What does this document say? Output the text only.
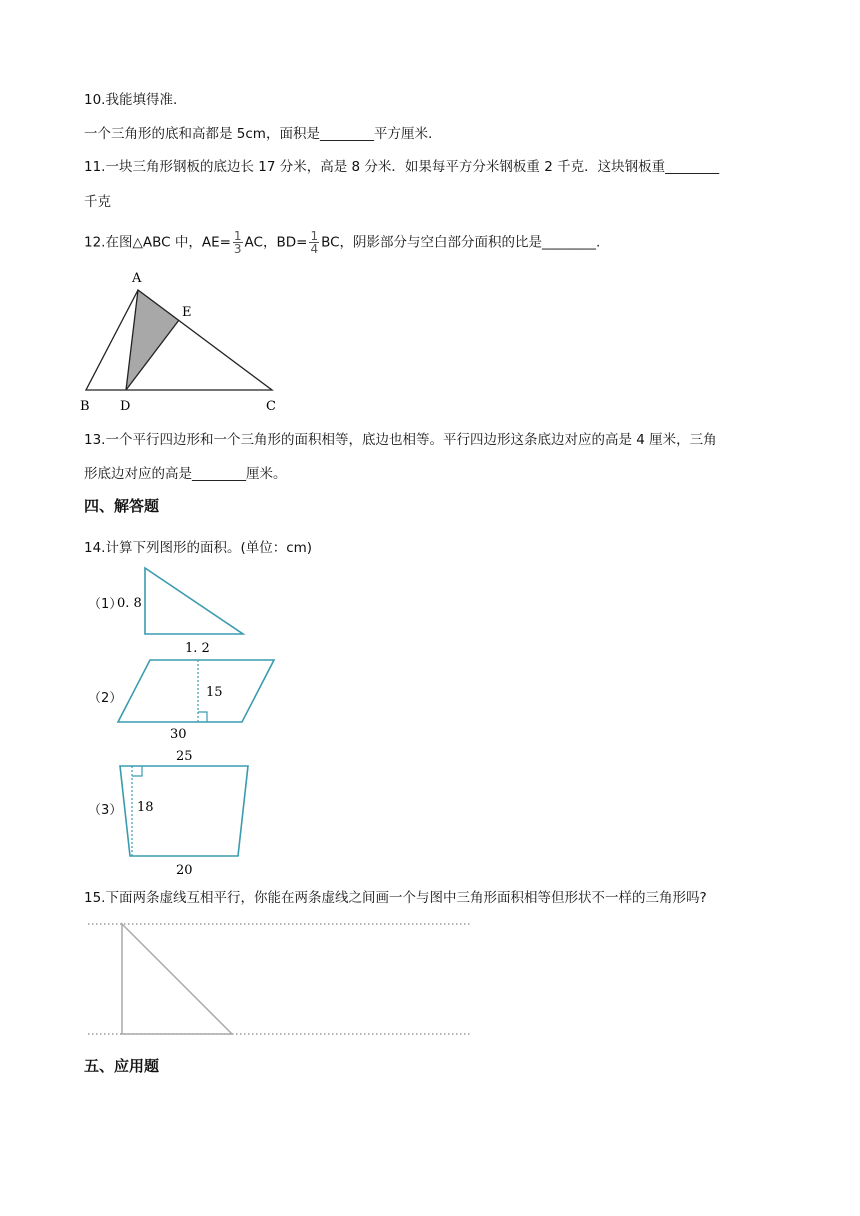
10.我能填得准.
一个三角形的底和高都是 5cm，面积是________平方厘米.
11.一块三角形钢板的底边长 17 分米，高是 8 分米．如果每平方分米钢板重 2 千克．这块钢板重________
千克
12.在图△ABC 中，$AE= \frac{1}{3}$ AC，$BD= \frac{1}{4}$ BC，阴影部分与空白部分面积的比是________.
A
E
B D	C
13.一个平行四边形和一个三角形的面积相等，底边也相等。平行四边形这条底边对应的高是 4 厘米，三角
形底边对应的高是________厘米。
四、解答题
14.计算下列图形的面积。(单位：cm)
（1）
0. 8
1. 2
（2）	15
30
（3）
25
18
20
15.下面两条虚线互相平行，你能在两条虚线之间画一个与图中三角形面积相等但形状不一样的三角形吗?
五、应用题
